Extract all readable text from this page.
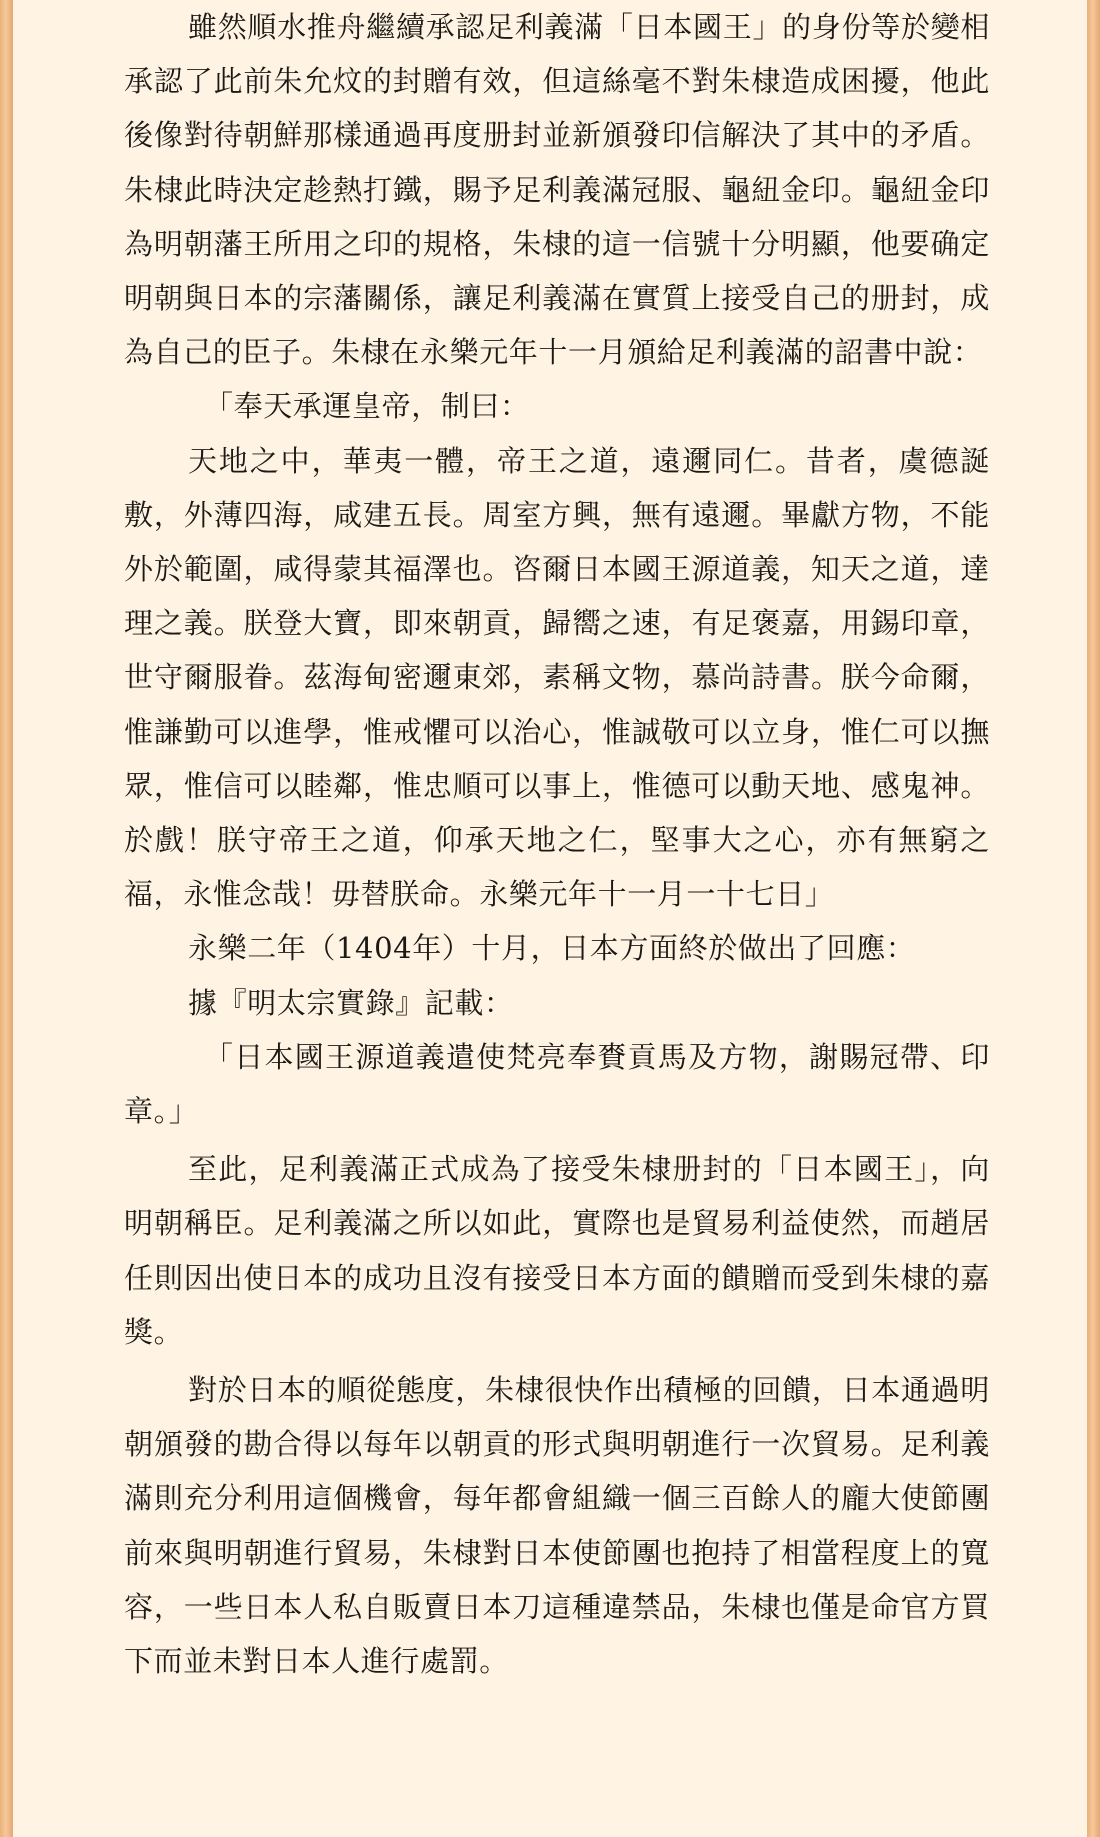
雖然順水推舟繼續承認足利義滿「日本國王」的身份等於變相承認了此前朱允炆的封贈有效，但這絲毫不對朱棣造成困擾，他此後像對待朝鮮那樣通過再度册封並新頒發印信解決了其中的矛盾。朱棣此時決定趁熱打鐵，賜予足利義滿冠服、龜紐金印。龜紐金印為明朝藩王所用之印的規格，朱棣的這一信號十分明顯，他要确定明朝與日本的宗藩關係，讓足利義滿在實質上接受自己的册封，成為自己的臣子。朱棣在永樂元年十一月頒給足利義滿的詔書中說：

「奉天承運皇帝，制曰：

天地之中，華夷一體，帝王之道，遠邇同仁。昔者，虞德誕敷，外薄四海，咸建五長。周室方興，無有遠邇。畢獻方物，不能外於範圍，咸得蒙其福澤也。咨爾日本國王源道義，知天之道，達理之義。朕登大寶，即來朝貢，歸嚮之速，有足褒嘉，用錫印章，世守爾服眷。茲海甸密邇東郊，素稱文物，慕尚詩書。朕今命爾，惟謙勤可以進學，惟戒懼可以治心，惟誠敬可以立身，惟仁可以撫眾，惟信可以睦鄰，惟忠順可以事上，惟德可以動天地、感鬼神。於戲！朕守帝王之道，仰承天地之仁，堅事大之心，亦有無窮之福，永惟念哉！毋替朕命。永樂元年十一月一十七日」

永樂二年（1404年）十月，日本方面終於做出了回應：

據『明太宗實錄』記載：

「日本國王源道義遣使梵亮奉賚貢馬及方物，謝賜冠帶、印章。」

至此，足利義滿正式成為了接受朱棣册封的「日本國王」，向明朝稱臣。足利義滿之所以如此，實際也是貿易利益使然，而趙居任則因出使日本的成功且沒有接受日本方面的饋贈而受到朱棣的嘉獎。

對於日本的順從態度，朱棣很快作出積極的回饋，日本通過明朝頒發的勘合得以每年以朝貢的形式與明朝進行一次貿易。足利義滿則充分利用這個機會，每年都會組織一個三百餘人的龐大使節團前來與明朝進行貿易，朱棣對日本使節團也抱持了相當程度上的寬容，一些日本人私自販賣日本刀這種違禁品，朱棣也僅是命官方買下而並未對日本人進行處罰。
